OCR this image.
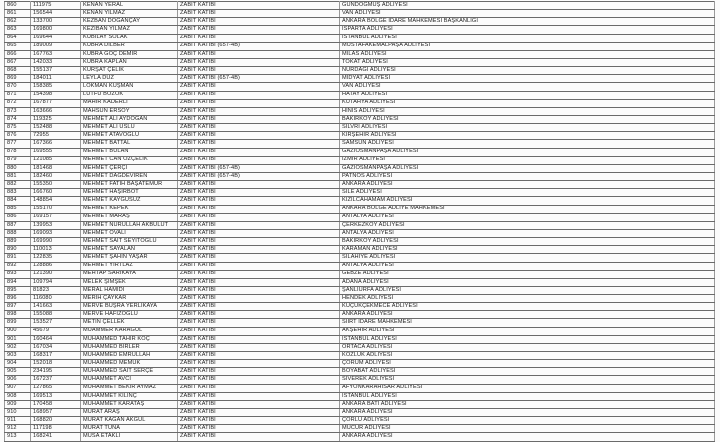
860	111975	KENAN YERAL	ZABIT KATİBİ	GÜNDOĞMUŞ ADLİYESİ
861	156544	KENAN YILMAZ	ZABIT KATİBİ	VAN ADLİYESİ
862	133700	KEZBAN DOĞANÇAY	ZABIT KATİBİ	ANKARA BÖLGE İDARE MAHKEMESİ BAŞKANLIĞI
863	169800	KEZİBAN YILMAZ	ZABIT KATİBİ	ISPARTA ADLİYESİ
864	169644	KUBİLAY SOLAK	ZABIT KATİBİ	İSTANBUL ADLİYESİ
865	189009	KÜBRA DİLBER	ZABIT KATİBİ (657-4B)	MUSTAFAKEMALPAŞA ADLİYESİ
866	167763	KÜBRA GÖÇ DEMİR	ZABIT KATİBİ	MİLAS ADLİYESİ
867	142033	KÜBRA KAPLAN	ZABIT KATİBİ	TOKAT ADLİYESİ
868	155137	KÜRŞAT ÇELİK	ZABIT KATİBİ	NURDAĞI ADLİYESİ
869	184011	LEYLA DÜZ	ZABIT KATİBİ (657-4B)	MİDYAT ADLİYESİ
870	158385	LOKMAN KUŞMAN	ZABIT KATİBİ	VAN ADLİYESİ
871	154398	LÜTFÜ BOZOK	ZABIT KATİBİ	HATAY ADLİYESİ
872	167877	MAHİR KADERLİ	ZABIT KATİBİ	KÜTAHYA ADLİYESİ
873	163666	MAHSUN ERSOY	ZABIT KATİBİ	HINIS ADLİYESİ
874	119325	MEHMET ALİ AYDOĞAN	ZABIT KATİBİ	BAKIRKÖY ADLİYESİ
875	152488	MEHMET ALİ USLU	ZABIT KATİBİ	SİLVRİ ADLİYESİ
876	72955	MEHMET ATAVOĞLU	ZABIT KATİBİ	KIRŞEHİR ADLİYESİ
877	167366	MEHMET BATTAL	ZABIT KATİBİ	SAMSUN ADLİYESİ
878	169555	MEHMET BULAN	ZABIT KATİBİ	GAZİOSMANPAŞA ADLİYESİ
879	121085	MEHMET CAN ÖZÇELİK	ZABIT KATİBİ	İZMİR ADLİYESİ
880	181468	MEHMET ÇERÇİ	ZABIT KATİBİ (657-4B)	GAZİOSMANPAŞA ADLİYESİ
881	182460	MEHMET DAĞDEVİREN	ZABIT KATİBİ (657-4B)	PATNOS ADLİYESİ
882	155350	MEHMET FATİH BAŞATEMUR	ZABIT KATİBİ	ANKARA ADLİYESİ
883	166760	MEHMET HAŞİRBOT	ZABIT KATİBİ	SİLE ADLİYESİ
884	148854	MEHMET KAYGUSUZ	ZABIT KATİBİ	KIZILCAHAMAM ADLİYESİ
885	155170	MEHMET KEPEK	ZABIT KATİBİ	ANKARA BÖLGE ADLİYE MAHKEMESİ
886	169157	MEHMET MARAŞ	ZABIT KATİBİ	ANTALYA ADLİYESİ
887	139953	MEHMET NURULLAH AKBULUT	ZABIT KATİBİ	ÇERKEZKÖY ADLİYESİ
888	169093	MEHMET OVALI	ZABIT KATİBİ	ANTALYA ADLİYESİ
889	169990	MEHMET SAİT SEYİTOĞLU	ZABIT KATİBİ	BAKIRKÖY ADLİYESİ
890	110013	MEHMET SAYALAN	ZABIT KATİBİ	KARAMAN ADLİYESİ
891	122835	MEHMET ŞAHİN YAŞAR	ZABIT KATİBİ	SİLAHİYE ADLİYESİ
892	128886	MEHMET YİRTLAZ	ZABIT KATİBİ	ANTALYA ADLİYESİ
893	121390	MEHTAP SARIKAYA	ZABIT KATİBİ	GEBZE ADLİYESİ
894	109794	MELEK ŞİMŞEK	ZABIT KATİBİ	ADANA ADLİYESİ
895	81823	MERAL HAMIDİ	ZABIT KATİBİ	ŞANLIURFA ADLİYESİ
896	116080	MERİH ÇAYKAR	ZABIT KATİBİ	HENDEK ADLİYESİ
897	141663	MERVE BÜŞRA YERLİKAYA	ZABIT KATİBİ	KÜÇÜKÇEKMECE ADLİYESİ
898	155088	MERVE HAFIZOĞLU	ZABIT KATİBİ	ANKARA ADLİYESİ
899	153527	METİN ÇELLEK	ZABIT KATİBİ	SİİRT İDARE MAHKEMESİ
900	45679	MUAMMER KARAGÜL	ZABIT KATİBİ	AKŞEHİR ADLİYESİ
901	160464	MUHAMMED TAHİR KOÇ	ZABIT KATİBİ	İSTANBUL ADLİYESİ
902	167034	MUHAMMED BİRLER	ZABIT KATİBİ	ORTACA ADLİYESİ
903	168317	MUHAMMED EMRULLAH	ZABIT KATİBİ	KOZLUK ADLİYESİ
904	152018	MUHAMMED MEMUK	ZABIT KATİBİ	ÇORUM ADLİYESİ
905	234195	MUHAMMED SAİT SERÇE	ZABIT KATİBİ	BOYABAT ADLİYESİ
906	167237	MUHAMMET AVCI	ZABIT KATİBİ	SİVEREK ADLİYESİ
907	127865	MUHAMMET BEKİR AYMAZ	ZABIT KATİBİ	AFYONKARAHİSAR ADLİYESİ
908	169513	MUHAMMET KILINÇ	ZABIT KATİBİ	İSTANBUL ADLİYESİ
909	170458	MUHAMMET KARATAŞ	ZABIT KATİBİ	ANKARA BATI ADLİYESİ
910	168957	MURAT ARAŞ	ZABIT KATİBİ	ANKARA ADLİYESİ
911	168820	MURAT KAĞAN AKGÜL	ZABIT KATİBİ	ÇORLU ADLİYESİ
912	117198	MURAT TUNA	ZABIT KATİBİ	MUCUR ADLİYESİ
913	168241	MUSA ETAKLI	ZABIT KATİBİ	ANKARA ADLİYESİ
